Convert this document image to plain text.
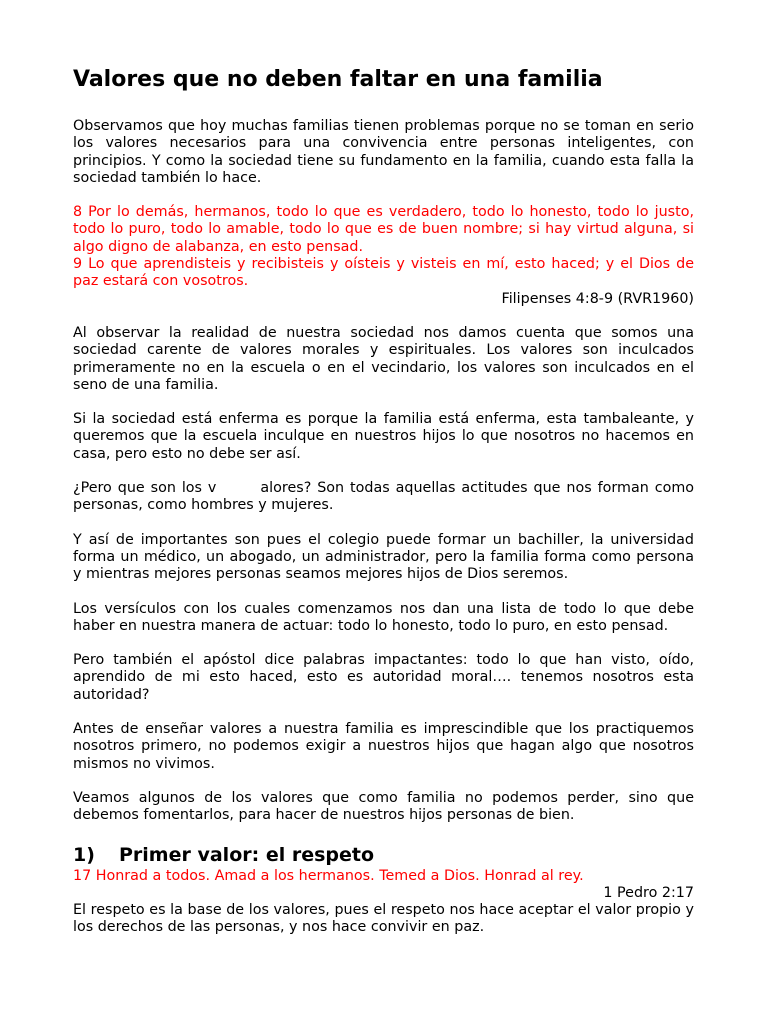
Valores que no deben faltar en una familia

Observamos que hoy muchas familias tienen problemas porque no se toman en serio los valores necesarios para una convivencia entre personas inteligentes, con principios. Y como la sociedad tiene su fundamento en la familia, cuando esta falla la sociedad también lo hace.

8 Por lo demás, hermanos, todo lo que es verdadero, todo lo honesto, todo lo justo, todo lo puro, todo lo amable, todo lo que es de buen nombre; si hay virtud alguna, si algo digno de alabanza, en esto pensad.

9 Lo que aprendisteis y recibisteis y oísteis y visteis en mí, esto haced; y el Dios de paz estará con vosotros.

Filipenses 4:8-9 (RVR1960)

Al observar la realidad de nuestra sociedad nos damos cuenta que somos una sociedad carente de valores morales y espirituales. Los valores son inculcados primeramente no en la escuela o en el vecindario, los valores son inculcados en el seno de una familia.

Si la sociedad está enferma es porque la familia está enferma, esta tambaleante, y queremos que la escuela inculque en nuestros hijos lo que nosotros no hacemos en casa, pero esto no debe ser así.

¿Pero que son los v	alores? Son todas aquellas actitudes que nos forman como personas, como hombres y mujeres.

Y así de importantes son pues el colegio puede formar un bachiller, la universidad forma un médico, un abogado, un administrador, pero la familia forma como persona y mientras mejores personas seamos mejores hijos de Dios seremos.

Los versículos con los cuales comenzamos nos dan una lista de todo lo que debe haber en nuestra manera de actuar: todo lo honesto, todo lo puro, en esto pensad.

Pero también el apóstol dice palabras impactantes: todo lo que han visto, oído, aprendido de mi esto haced, esto es autoridad moral…. tenemos nosotros esta autoridad?

Antes de enseñar valores a nuestra familia es imprescindible que los practiquemos nosotros primero, no podemos exigir a nuestros hijos que hagan algo que nosotros mismos no vivimos.

Veamos algunos de los valores que como familia no podemos perder, sino que debemos fomentarlos, para hacer de nuestros hijos personas de bien.

1)	Primer valor: el respeto

17 Honrad a todos. Amad a los hermanos. Temed a Dios. Honrad al rey.

1 Pedro 2:17

El respeto es la base de los valores, pues el respeto nos hace aceptar el valor propio y los derechos de las personas, y nos hace convivir en paz.
